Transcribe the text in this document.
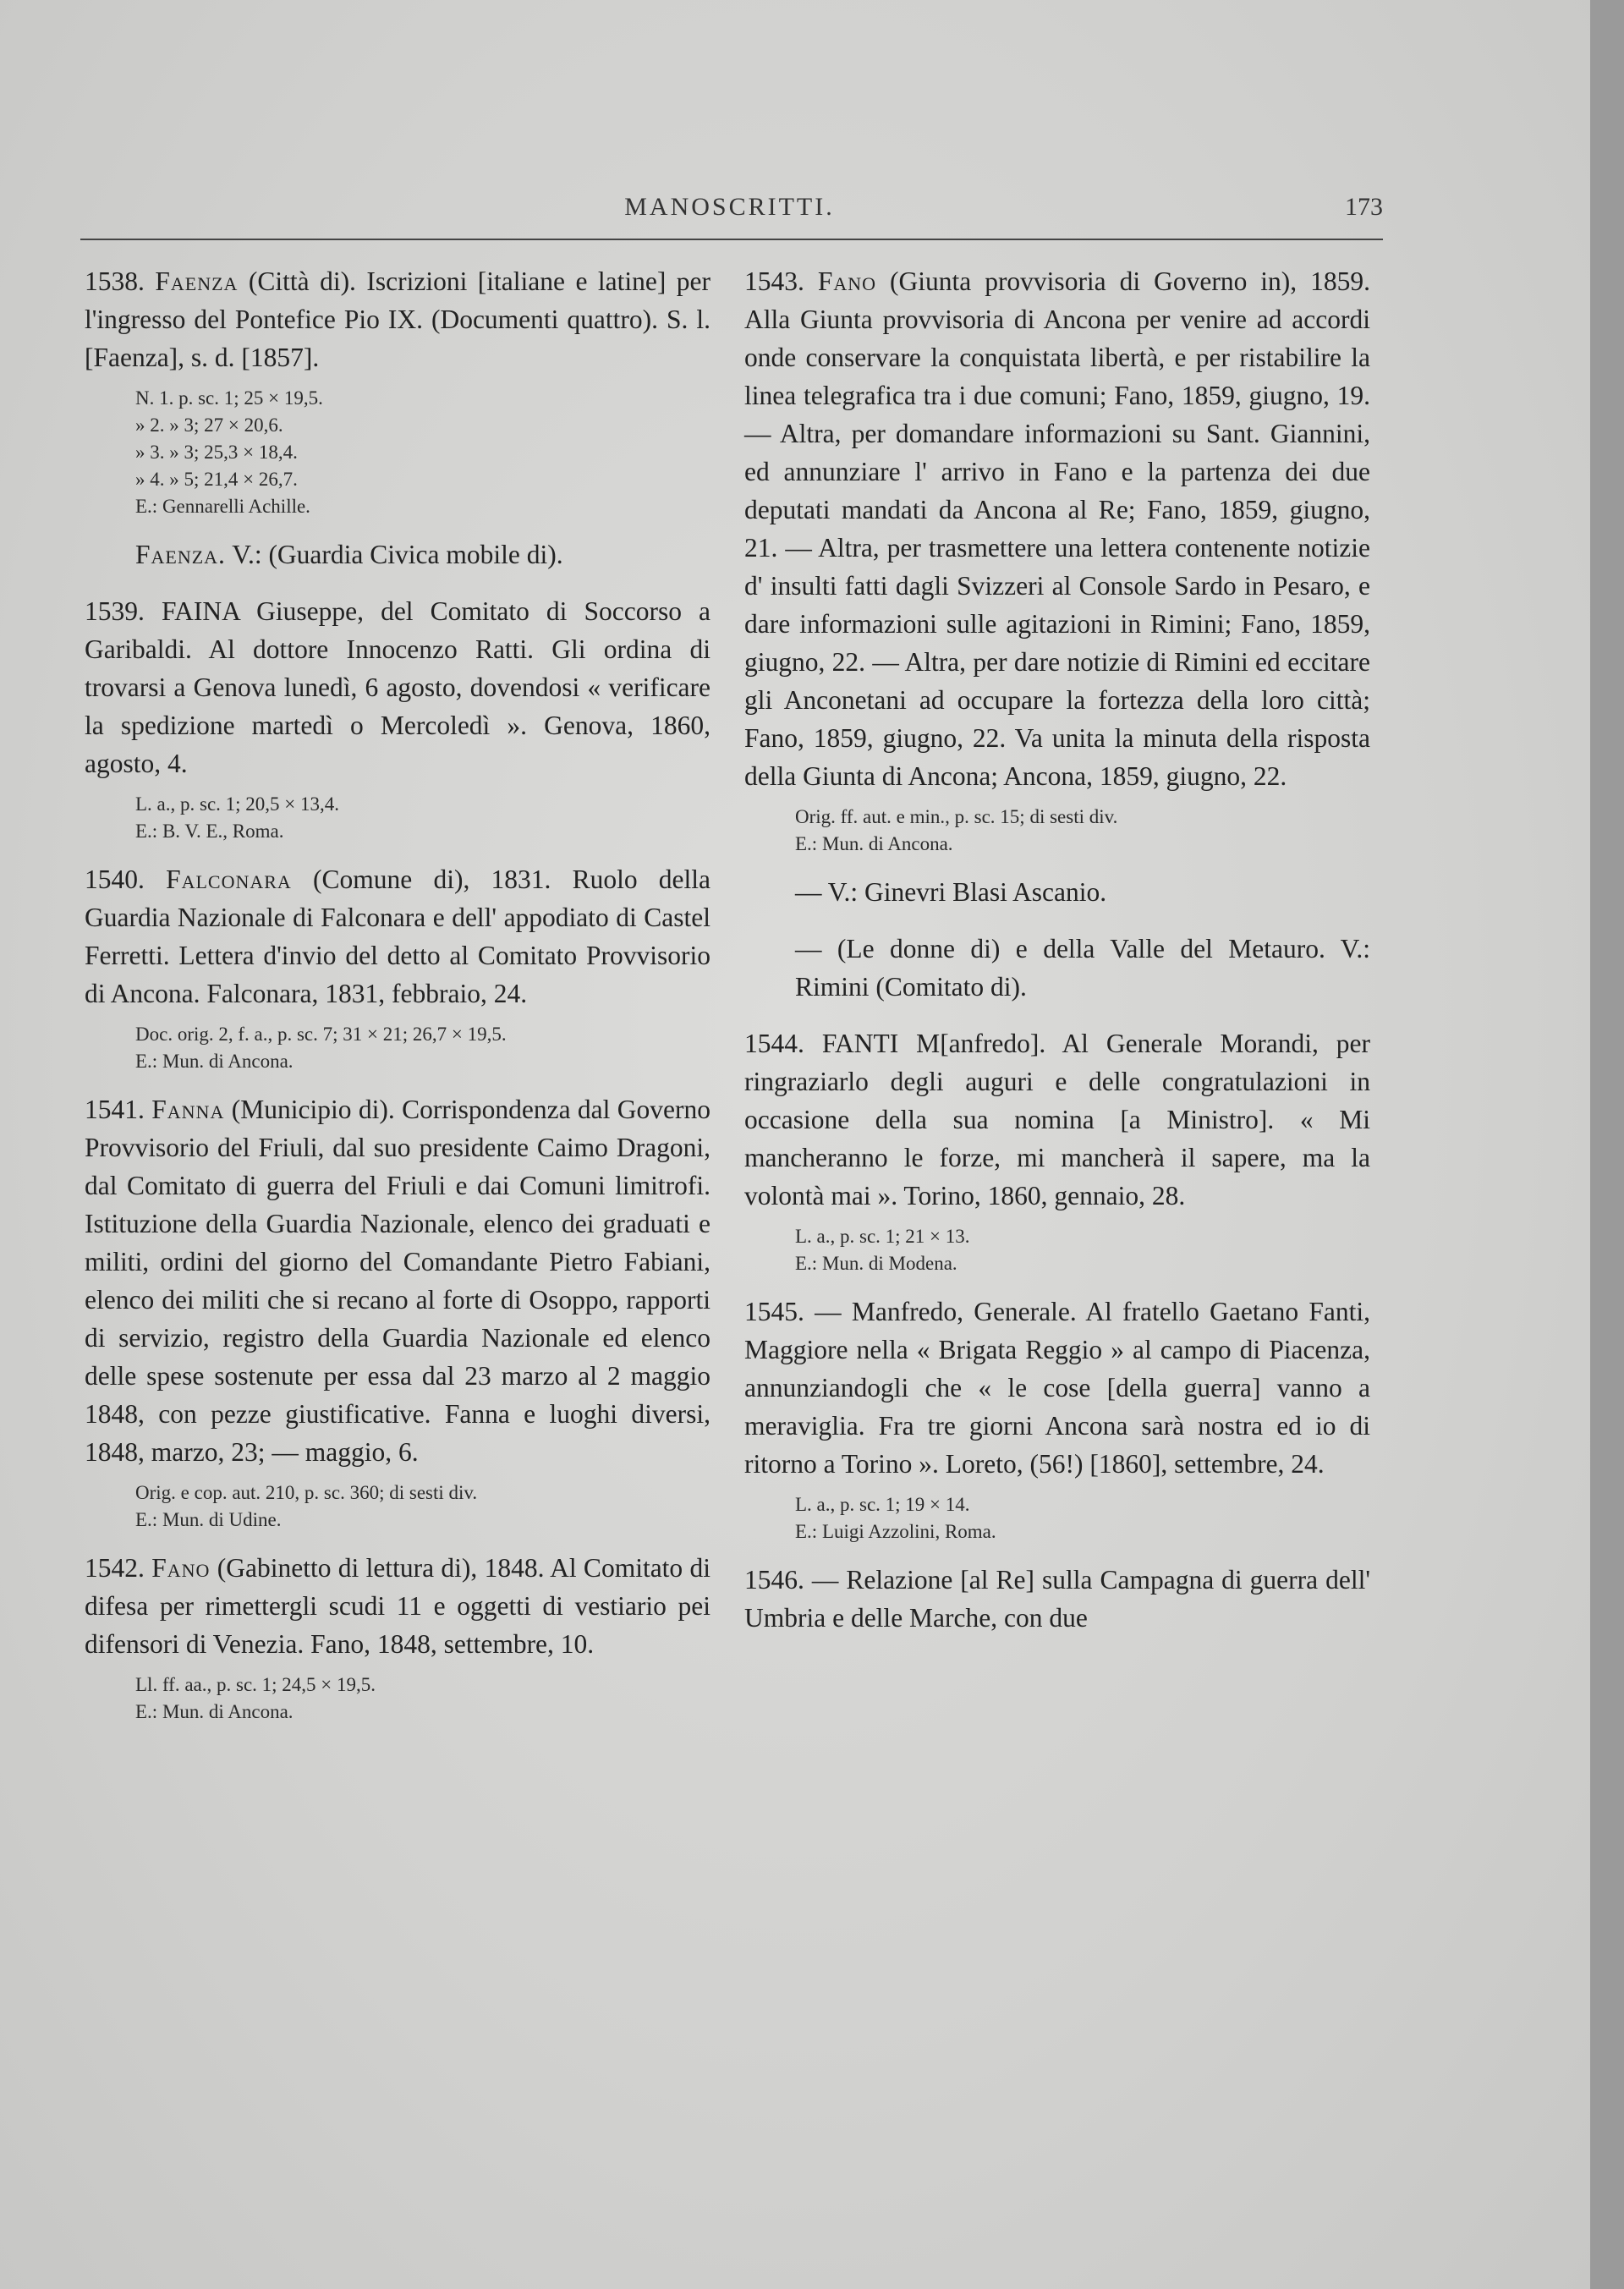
MANOSCRITTI.	173
1538. Faenza (Città di). Iscrizioni [italiane e latine] per l'ingresso del Pontefice Pio IX. (Documenti quattro). S. l. [Faenza], s. d. [1857].
N. 1. p. sc. 1; 25 × 19,5.
» 2. » 3; 27 × 20,6.
» 3. » 3; 25,3 × 18,4.
» 4. » 5; 21,4 × 26,7.
E.: Gennarelli Achille.
Faenza. V.: (Guardia Civica mobile di).
1539. FAINA Giuseppe, del Comitato di Soccorso a Garibaldi. Al dottore Innocenzo Ratti. Gli ordina di trovarsi a Genova lunedì, 6 agosto, dovendosi « verificare la spedizione martedì o Mercoledì ». Genova, 1860, agosto, 4.
L. a., p. sc. 1; 20,5 × 13,4.
E.: B. V. E., Roma.
1540. Falconara (Comune di), 1831. Ruolo della Guardia Nazionale di Falconara e dell' appodiato di Castel Ferretti. Lettera d'invio del detto al Comitato Provvisorio di Ancona. Falconara, 1831, febbraio, 24.
Doc. orig. 2, f. a., p. sc. 7; 31 × 21; 26,7 × 19,5.
E.: Mun. di Ancona.
1541. Fanna (Municipio di). Corrispondenza dal Governo Provvisorio del Friuli, dal suo presidente Caimo Dragoni, dal Comitato di guerra del Friuli e dai Comuni limitrofi. Istituzione della Guardia Nazionale, elenco dei graduati e militi, ordini del giorno del Comandante Pietro Fabiani, elenco dei militi che si recano al forte di Osoppo, rapporti di servizio, registro della Guardia Nazionale ed elenco delle spese sostenute per essa dal 23 marzo al 2 maggio 1848, con pezze giustificative. Fanna e luoghi diversi, 1848, marzo, 23; — maggio, 6.
Orig. e cop. aut. 210, p. sc. 360; di sesti div.
E.: Mun. di Udine.
1542. Fano (Gabinetto di lettura di), 1848. Al Comitato di difesa per rimettergli scudi 11 e oggetti di vestiario pei difensori di Venezia. Fano, 1848, settembre, 10.
Ll. ff. aa., p. sc. 1; 24,5 × 19,5.
E.: Mun. di Ancona.
1543. Fano (Giunta provvisoria di Governo in), 1859. Alla Giunta provvisoria di Ancona per venire ad accordi onde conservare la conquistata libertà, e per ristabilire la linea telegrafica tra i due comuni; Fano, 1859, giugno, 19. — Altra, per domandare informazioni su Sant. Giannini, ed annunziare l' arrivo in Fano e la partenza dei due deputati mandati da Ancona al Re; Fano, 1859, giugno, 21. — Altra, per trasmettere una lettera contenente notizie d' insulti fatti dagli Svizzeri al Console Sardo in Pesaro, e dare informazioni sulle agitazioni in Rimini; Fano, 1859, giugno, 22. — Altra, per dare notizie di Rimini ed eccitare gli Anconetani ad occupare la fortezza della loro città; Fano, 1859, giugno, 22. Va unita la minuta della risposta della Giunta di Ancona; Ancona, 1859, giugno, 22.
Orig. ff. aut. e min., p. sc. 15; di sesti div.
E.: Mun. di Ancona.
— V.: Ginevri Blasi Ascanio.
— (Le donne di) e della Valle del Metauro. V.: Rimini (Comitato di).
1544. FANTI M[anfredo]. Al Generale Morandi, per ringraziarlo degli auguri e delle congratulazioni in occasione della sua nomina [a Ministro]. « Mi mancheranno le forze, mi mancherà il sapere, ma la volontà mai ». Torino, 1860, gennaio, 28.
L. a., p. sc. 1; 21 × 13.
E.: Mun. di Modena.
1545. — Manfredo, Generale. Al fratello Gaetano Fanti, Maggiore nella « Brigata Reggio » al campo di Piacenza, annunziandogli che « le cose [della guerra] vanno a meraviglia. Fra tre giorni Ancona sarà nostra ed io di ritorno a Torino ». Loreto, (56!) [1860], settembre, 24.
L. a., p. sc. 1; 19 × 14.
E.: Luigi Azzolini, Roma.
1546. — Relazione [al Re] sulla Campagna di guerra dell' Umbria e delle Marche, con due
